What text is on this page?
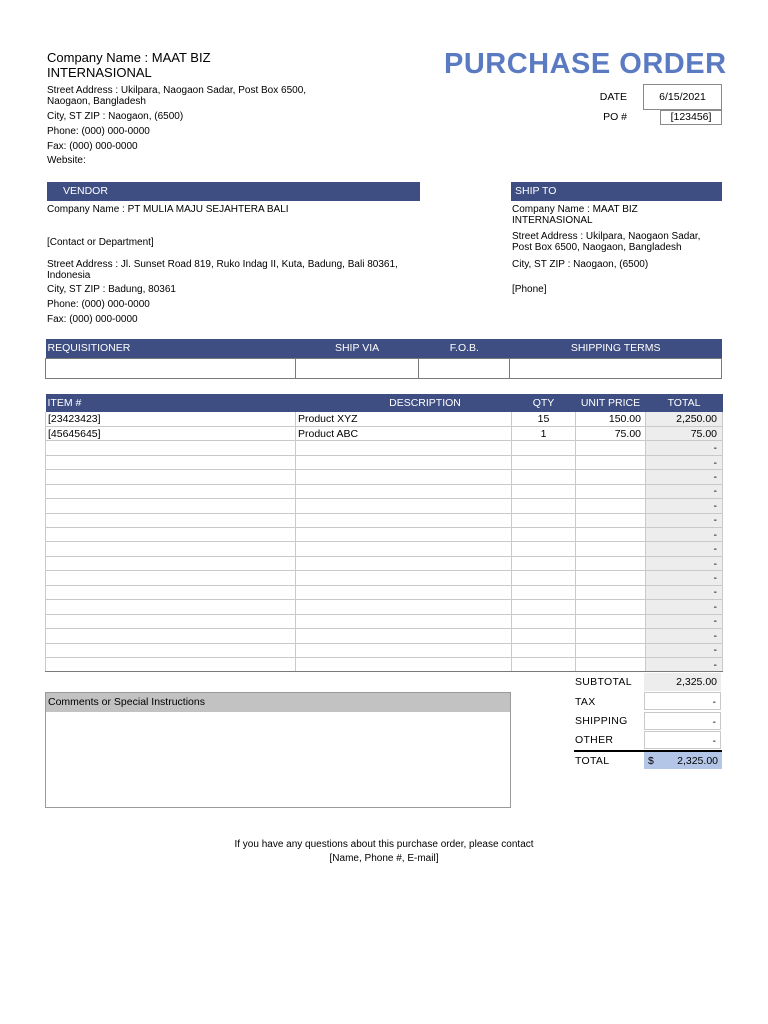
Company Name : MAAT BIZ INTERNASIONAL
Street Address : Ukilpara, Naogaon Sadar, Post Box 6500, Naogaon, Bangladesh
City, ST ZIP : Naogaon, (6500)
Phone: (000) 000-0000
Fax: (000) 000-0000
Website:
PURCHASE ORDER
DATE	6/15/2021
PO #	[123456]
VENDOR
Company Name : PT MULIA MAJU SEJAHTERA BALI
[Contact or Department]
Street Address : Jl. Sunset Road 819, Ruko Indag II, Kuta, Badung, Bali 80361, Indonesia
City, ST ZIP : Badung, 80361
Phone: (000) 000-0000
Fax: (000) 000-0000
SHIP TO
Company Name : MAAT BIZ INTERNASIONAL
Street Address : Ukilpara, Naogaon Sadar, Post Box 6500, Naogaon, Bangladesh
City, ST ZIP : Naogaon, (6500)
[Phone]
REQUISITIONER	SHIP VIA	F.O.B.	SHIPPING TERMS

ITEM #	DESCRIPTION	QTY	UNIT PRICE	TOTAL
[23423423]	Product XYZ	15	150.00	2,250.00
[45645645]	Product ABC	1	75.00	75.00
				-
				-
				-
				-
				-
				-
				-
				-
				-
				-
				-
				-
				-
				-
				-
				-
SUBTOTAL	2,325.00
TAX	-
SHIPPING	-
OTHER	-
TOTAL	$	2,325.00
Comments or Special Instructions
If you have any questions about this purchase order, please contact
[Name, Phone #, E-mail]
